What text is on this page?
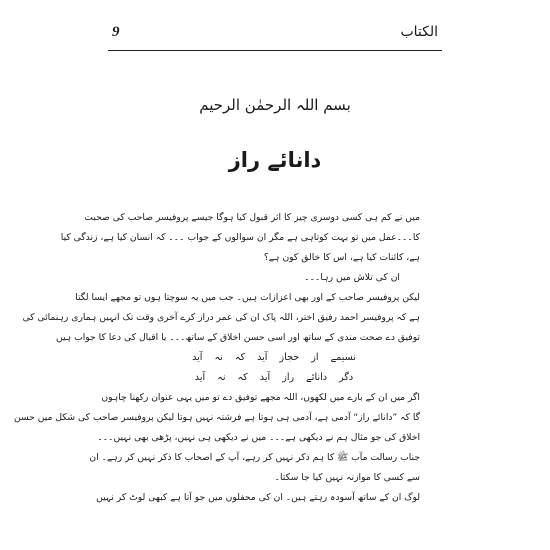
9	الکتاب
بسم اللہ الرحمٰن الرحیم
دانائے راز
میں نے کم ہی کسی دوسری چیز کا اثر قبول کیا ہوگا جیسے پروفیسر صاحب کی صحبت
کا۔۔۔عمل میں تو بہت کوتاہی ہے مگر ان سوالوں کے جواب ۔۔۔ کہ انسان کیا ہے، زندگی کیا
ہے، کائنات کیا ہے، اس کا خالق کون ہے؟
ان کی تلاش میں رہا۔۔۔
لیکن پروفیسر صاحب کے اور بھی اعزازات ہیں۔ جب میں یہ سوچتا ہوں تو مجھے ایسا لگتا
ہے کہ پروفیسر احمد رفیق اختر، اللہ پاک ان کی عمر دراز کرے آخری وقت تک انہیں ہماری رہنمائی کی
توفیق دے صحت مندی کے ساتھ اور اسی حسن اخلاق کے ساتھ۔۔۔ یا اقبال کی دعا کا جواب ہیں
نسیمے از حجاز آید کہ نہ آید
دگر دانائے راز آید کہ نہ آید
اگر میں ان کے بارے میں لکھوں، اللہ مجھے توفیق دے تو میں یہی عنوان رکھنا چاہوں
گا کہ ”دانائے راز“ آدمی ہے، آدمی ہی ہوتا ہے فرشتہ نہیں ہوتا لیکن پروفیسر صاحب کی شکل میں حسن
اخلاق کی جو مثال ہم نے دیکھی ہے۔۔۔ میں نے دیکھی ہی نہیں، پڑھی بھی نہیں۔۔۔
جناب رسالت مآب ﷺ کا ہم ذکر نہیں کر رہے، آپ کے اصحاب کا ذکر نہیں کر رہے۔ ان
سے کسی کا موازنہ نہیں کیا جا سکتا۔
لوگ ان کے ساتھ آسودہ رہتے ہیں۔ ان کی محفلوں میں جو آتا ہے کبھی لوٹ کر نہیں
